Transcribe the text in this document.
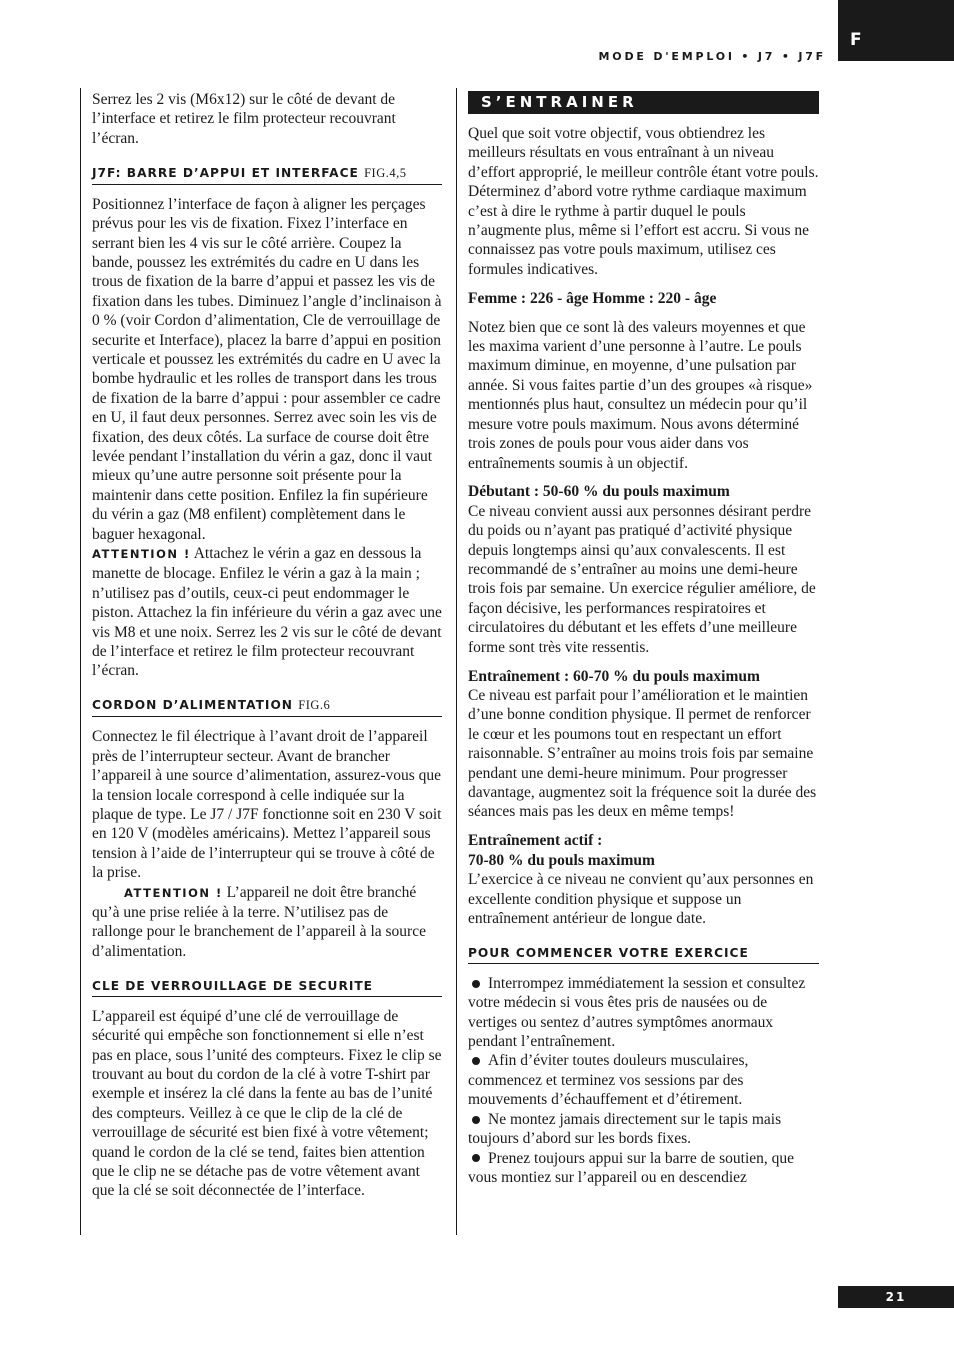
F
MODE D'EMPLOI • J7 • J7F

Serrez les 2 vis (M6x12) sur le côté de devant de l’interface et retirez le film protecteur recouvrant l’écran.

J7F: BARRE D’APPUI ET INTERFACE FIG.4,5

Positionnez l’interface de façon à aligner les perçages prévus pour les vis de fixation. Fixez l’interface en serrant bien les 4 vis sur le côté arrière. Coupez la bande, poussez les extrémités du cadre en U dans les trous de fixation de la barre d’appui et passez les vis de fixation dans les tubes. Diminuez l’angle d’inclinaison à 0 % (voir Cordon d’alimentation, Cle de verrouillage de securite et Interface), placez la barre d’appui en position verticale et poussez les extrémités du cadre en U avec la bombe hydraulic et les rolles de transport dans les trous de fixation de la barre d’appui : pour assembler ce cadre en U, il faut deux personnes. Serrez avec soin les vis de fixation, des deux côtés. La surface de course doit être levée pendant l’installation du vérin a gaz, donc il vaut mieux qu’une autre personne soit présente pour la maintenir dans cette position. Enfilez la fin supérieure du vérin a gaz (M8 enfilent) complètement dans le baguer hexagonal.

ATTENTION ! Attachez le vérin a gaz en dessous la manette de blocage. Enfilez le vérin a gaz à la main ; n’utilisez pas d’outils, ceux-ci peut endommager le piston. Attachez la fin inférieure du vérin a gaz avec une vis M8 et une noix. Serrez les 2 vis sur le côté de devant de l’interface et retirez le film protecteur recouvrant l’écran.

CORDON D’ALIMENTATION FIG.6

Connectez le fil électrique à l’avant droit de l’appareil près de l’interrupteur secteur. Avant de brancher l’appareil à une source d’alimentation, assurez-vous que la tension locale correspond à celle indiquée sur la plaque de type. Le J7 / J7F fonctionne soit en 230 V soit en 120 V (modèles américains). Mettez l’appareil sous tension à l’aide de l’interrupteur qui se trouve à côté de la prise.

ATTENTION ! L’appareil ne doit être branché qu’à une prise reliée à la terre. N’utilisez pas de rallonge pour le branchement de l’appareil à la source d’alimentation.

CLE DE VERROUILLAGE DE SECURITE

L’appareil est équipé d’une clé de verrouillage de sécurité qui empêche son fonctionnement si elle n’est pas en place, sous l’unité des compteurs. Fixez le clip se trouvant au bout du cordon de la clé à votre T-shirt par exemple et insérez la clé dans la fente au bas de l’unité des compteurs. Veillez à ce que le clip de la clé de verrouillage de sécurité est bien fixé à votre vêtement; quand le cordon de la clé se tend, faites bien attention que le clip ne se détache pas de votre vêtement avant que la clé se soit déconnectée de l’interface.

S’ENTRAINER

Quel que soit votre objectif, vous obtiendrez les meilleurs résultats en vous entraînant à un niveau d’effort approprié, le meilleur contrôle étant votre pouls. Déterminez d’abord votre rythme cardiaque maximum c’est à dire le rythme à partir duquel le pouls n’augmente plus, même si l’effort est accru. Si vous ne connaissez pas votre pouls maximum, utilisez ces formules indicatives.

Femme : 226 - âge Homme : 220 - âge

Notez bien que ce sont là des valeurs moyennes et que les maxima varient d’une personne à l’autre. Le pouls maximum diminue, en moyenne, d’une pulsation par année. Si vous faites partie d’un des groupes «à risque» mentionnés plus haut, consultez un médecin pour qu’il mesure votre pouls maximum. Nous avons déterminé trois zones de pouls pour vous aider dans vos entraînements soumis à un objectif.

Débutant : 50-60 % du pouls maximum

Ce niveau convient aussi aux personnes désirant perdre du poids ou n’ayant pas pratiqué d’activité physique depuis longtemps ainsi qu’aux convalescents. Il est recommandé de s’entraîner au moins une demi-heure trois fois par semaine. Un exercice régulier améliore, de façon décisive, les performances respiratoires et circulatoires du débutant et les effets d’une meilleure forme sont très vite ressentis.

Entraînement : 60-70 % du pouls maximum

Ce niveau est parfait pour l’amélioration et le maintien d’une bonne condition physique. Il permet de renforcer le cœur et les poumons tout en respectant un effort raisonnable. S’entraîner au moins trois fois par semaine pendant une demi-heure minimum. Pour progresser davantage, augmentez soit la fréquence soit la durée des séances mais pas les deux en même temps!

Entraînement actif :

70-80 % du pouls maximum

L’exercice à ce niveau ne convient qu’aux personnes en excellente condition physique et suppose un entraînement antérieur de longue date.

POUR COMMENCER VOTRE EXERCICE

Interrompez immédiatement la session et consultez votre médecin si vous êtes pris de nausées ou de vertiges ou sentez d’autres symptômes anormaux pendant l’entraînement.

Afin d’éviter toutes douleurs musculaires, commencez et terminez vos sessions par des mouvements d’échauffement et d’étirement.

Ne montez jamais directement sur le tapis mais toujours d’abord sur les bords fixes.

Prenez toujours appui sur la barre de soutien, que vous montiez sur l’appareil ou en descendiez

21
